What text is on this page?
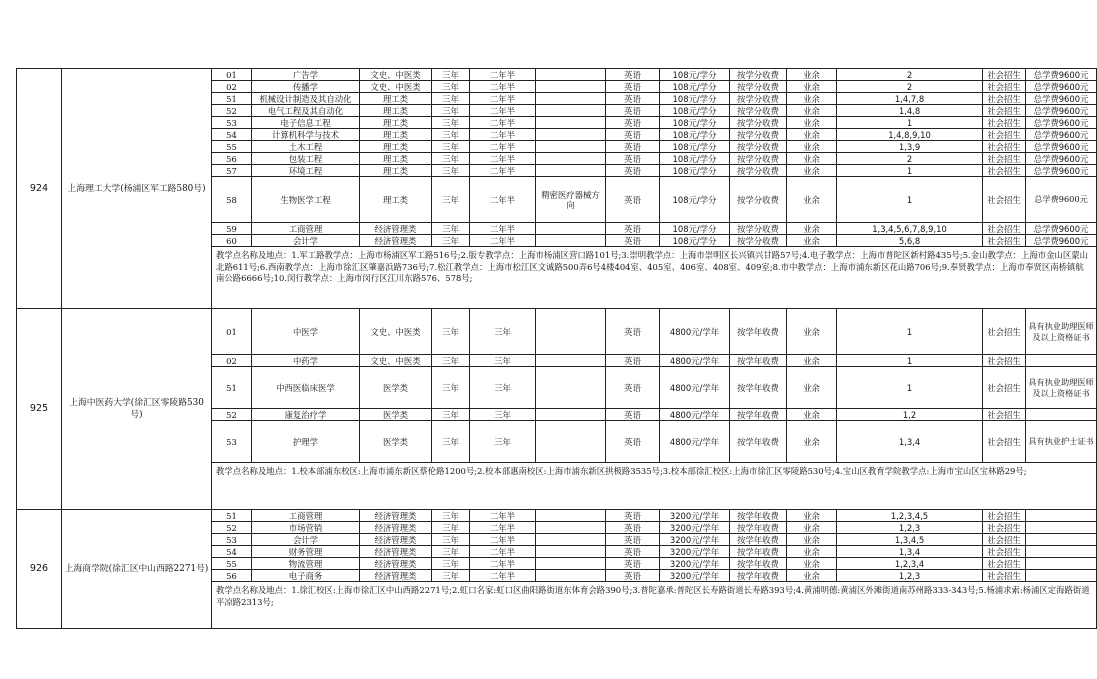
924	上海理工大学(杨浦区军工路580号)	01	广告学	文史、中医类	三年	二年半		英语	108元/学分	按学分收费	业余	2	社会招生	总学费9600元
		02	传播学	文史、中医类	三年	二年半		英语	108元/学分	按学分收费	业余	2	社会招生	总学费9600元
		51	机械设计制造及其自动化	理工类	三年	二年半		英语	108元/学分	按学分收费	业余	1,4,7,8	社会招生	总学费9600元
		52	电气工程及其自动化	理工类	三年	二年半		英语	108元/学分	按学分收费	业余	1,4,8	社会招生	总学费9600元
		53	电子信息工程	理工类	三年	二年半		英语	108元/学分	按学分收费	业余	1	社会招生	总学费9600元
		54	计算机科学与技术	理工类	三年	二年半		英语	108元/学分	按学分收费	业余	1,4,8,9,10	社会招生	总学费9600元
		55	土木工程	理工类	三年	二年半		英语	108元/学分	按学分收费	业余	1,3,9	社会招生	总学费9600元
		56	包装工程	理工类	三年	二年半		英语	108元/学分	按学分收费	业余	2	社会招生	总学费9600元
		57	环境工程	理工类	三年	二年半		英语	108元/学分	按学分收费	业余	1	社会招生	总学费9600元
		58	生物医学工程	理工类	三年	二年半	精密医疗器械方向	英语	108元/学分	按学分收费	业余	1	社会招生	总学费9600元
		59	工商管理	经济管理类	三年	二年半		英语	108元/学分	按学分收费	业余	1,3,4,5,6,7,8,9,10	社会招生	总学费9600元
		60	会计学	经济管理类	三年	二年半		英语	108元/学分	按学分收费	业余	5,6,8	社会招生	总学费9600元
		教学点名称及地点：1.军工路教学点：上海市杨浦区军工路516号;2.版专教学点：上海市杨浦区营口路101号;3.崇明教学点：上海市崇明区长兴镇兴甘路57号;4.电子教学点：上海市普陀区新村路435号;5.金山教学点：上海市金山区蒙山北路611号;6.西南教学点：上海市徐汇区肇嘉浜路736号;7.松江教学点：上海市松江区文诚路500弄6号4楼404室、405室、406室、408室、409室;8.市中教学点：上海市浦东新区花山路706号;9.奉贤教学点：上海市奉贤区南桥镇航南公路6666号;10.闵行教学点：上海市闵行区江川东路576、578号;												
925	上海中医药大学(徐汇区零陵路530号)	01	中医学	文史、中医类	三年	三年		英语	4800元/学年	按学年收费	业余	1	社会招生	具有执业助理医师及以上资格证书
		02	中药学	文史、中医类	三年	三年		英语	4800元/学年	按学年收费	业余	1	社会招生	
		51	中西医临床医学	医学类	三年	三年		英语	4800元/学年	按学年收费	业余	1	社会招生	具有执业助理医师及以上资格证书
		52	康复治疗学	医学类	三年	三年		英语	4800元/学年	按学年收费	业余	1,2	社会招生	
		53	护理学	医学类	三年	三年		英语	4800元/学年	按学年收费	业余	1,3,4	社会招生	具有执业护士证书
		教学点名称及地点：1.校本部浦东校区:上海市浦东新区蔡伦路1200号;2.校本部惠南校区:上海市浦东新区拱极路3535号;3.校本部徐汇校区:上海市徐汇区零陵路530号;4.宝山区教育学院教学点:上海市宝山区宝林路29号;												
926	上海商学院(徐汇区中山西路2271号)	51	工商管理	经济管理类	三年	二年半		英语	3200元/学年	按学年收费	业余	1,2,3,4,5	社会招生	
		52	市场营销	经济管理类	三年	二年半		英语	3200元/学年	按学年收费	业余	1,2,3	社会招生	
		53	会计学	经济管理类	三年	二年半		英语	3200元/学年	按学年收费	业余	1,3,4,5	社会招生	
		54	财务管理	经济管理类	三年	二年半		英语	3200元/学年	按学年收费	业余	1,3,4	社会招生	
		55	物流管理	经济管理类	三年	二年半		英语	3200元/学年	按学年收费	业余	1,2,3,4	社会招生	
		56	电子商务	经济管理类	三年	二年半		英语	3200元/学年	按学年收费	业余	1,2,3	社会招生	
		教学点名称及地点：1.徐汇校区:上海市徐汇区中山西路2271号;2.虹口名家:虹口区曲阳路街道东体育会路390号;3.普陀嘉承:普陀区长寿路街道长寿路393号;4.黄浦明德:黄浦区外滩街道南苏州路333-343号;5.杨浦求索:杨浦区定海路街道平凉路2313号;												
